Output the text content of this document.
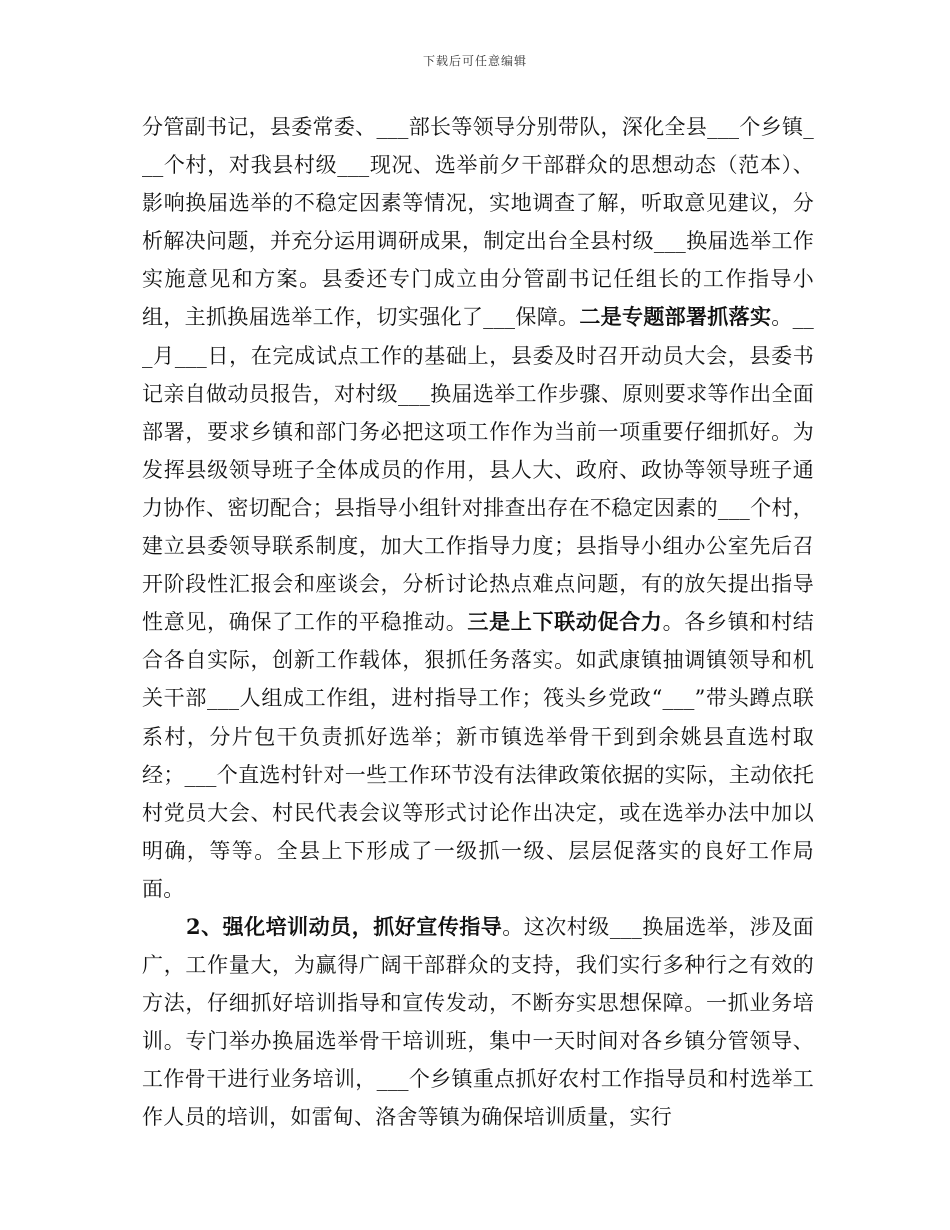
下载后可任意编辑

分管副书记，县委常委、___部长等领导分别带队，深化全县___个乡镇___个村，对我县村级___现况、选举前夕干部群众的思想动态（范本）、影响换届选举的不稳定因素等情况，实地调查了解，听取意见建议，分析解决问题，并充分运用调研成果，制定出台全县村级___换届选举工作实施意见和方案。县委还专门成立由分管副书记任组长的工作指导小组，主抓换届选举工作，切实强化了___保障。二是专题部署抓落实。___月___日，在完成试点工作的基础上，县委及时召开动员大会，县委书记亲自做动员报告，对村级___换届选举工作步骤、原则要求等作出全面部署，要求乡镇和部门务必把这项工作作为当前一项重要仔细抓好。为发挥县级领导班子全体成员的作用，县人大、政府、政协等领导班子通力协作、密切配合；县指导小组针对排查出存在不稳定因素的___个村，建立县委领导联系制度，加大工作指导力度；县指导小组办公室先后召开阶段性汇报会和座谈会，分析讨论热点难点问题，有的放矢提出指导性意见，确保了工作的平稳推动。三是上下联动促合力。各乡镇和村结合各自实际，创新工作载体，狠抓任务落实。如武康镇抽调镇领导和机关干部___人组成工作组，进村指导工作；筏头乡党政“___”带头蹲点联系村，分片包干负责抓好选举；新市镇选举骨干到到余姚县直选村取经；___个直选村针对一些工作环节没有法律政策依据的实际，主动依托村党员大会、村民代表会议等形式讨论作出决定，或在选举办法中加以明确，等等。全县上下形成了一级抓一级、层层促落实的良好工作局面。

2、强化培训动员，抓好宣传指导。这次村级___换届选举，涉及面广，工作量大，为赢得广阔干部群众的支持，我们实行多种行之有效的方法，仔细抓好培训指导和宣传发动，不断夯实思想保障。一抓业务培训。专门举办换届选举骨干培训班，集中一天时间对各乡镇分管领导、工作骨干进行业务培训，___个乡镇重点抓好农村工作指导员和村选举工作人员的培训，如雷甸、洛舍等镇为确保培训质量，实行
